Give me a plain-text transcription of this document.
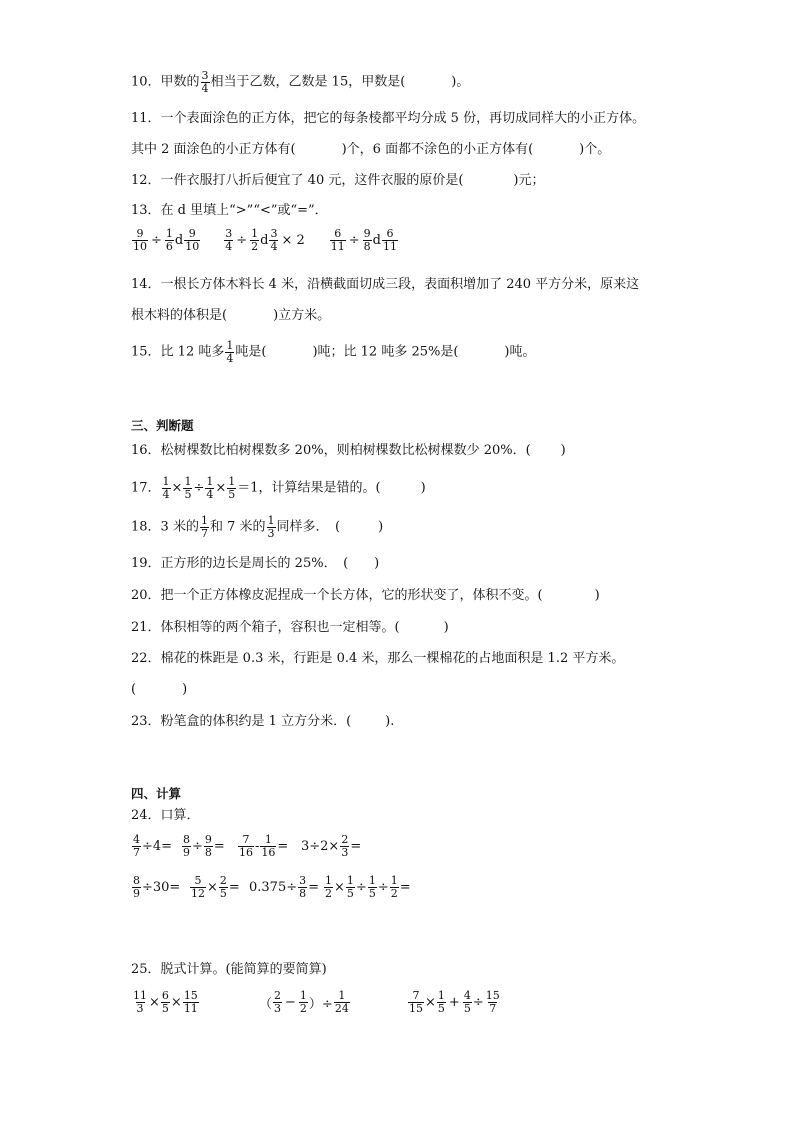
10．甲数的 $\frac{3}{4}$ 相当于乙数，乙数是 15，甲数是(	)。
11．一个表面涂色的正方体，把它的每条棱都平均分成 5 份，再切成同样大的小正方体。
其中 2 面涂色的小正方体有(	)个，6 面都不涂色的小正方体有(	)个。
12．一件衣服打八折后便宜了 40 元，这件衣服的原价是(	)元；
13．在 d 里填上“>”“<”或“=”．
$\frac{9}{10} \div \frac{1}{6}$ d $\frac{9}{10} \frac{3}{4} \div \frac{1}{2}$ d $\frac{3}{4} \times 2 \frac{6}{11} \div \frac{9}{8}$ d $\frac{6}{11}$
14．一根长方体木料长 4 米，沿横截面切成三段，表面积增加了 240 平方分米，原来这
根木料的体积是(	)立方米。
15．比 12 吨多 $\frac{1}{4}$ 吨是(	)吨；比 12 吨多 25%是(	)吨。
三、判断题
16．松树棵数比柏树棵数多 20%，则柏树棵数比松树棵数少 20%．( )
17． $\frac{1}{4} \times \frac{1}{5} \div \frac{1}{4} \times \frac{1}{5} =1$，计算结果是错的。(	)
18．3 米的 $\frac{1}{7}$ 和 7 米的 $\frac{1}{3}$ 同样多．　(	)
19．正方形的边长是周长的 25%．　( )
20．把一个正方体橡皮泥捏成一个长方体，它的形状变了，体积不变。(	)
21．体积相等的两个箱子，容积也一定相等。(	)
22．棉花的株距是 0.3 米，行距是 0.4 米，那么一棵棉花的占地面积是 1.2 平方米。
(	)
23．粉笔盒的体积约是 1 立方分米．(	).
四、计算
24．口算．
$\frac{4}{7} \div 4= \frac{8}{9} \div \frac{9}{8} = \frac{7}{16} - \frac{1}{16} = 3\div 2\times \frac{2}{3}$ =
$\frac{8}{9} \div 30= \frac{5}{12} \times \frac{2}{5} = 0.375\div \frac{3}{8} = \frac{1}{2} \times \frac{1}{5} \div \frac{1}{5} \div \frac{1}{2}$ =
25．脱式计算。(能简算的要简算)
$\frac{11}{3} \times \frac{6}{5} \times \frac{15}{11}$	（ $\frac{2}{3} - \frac{1}{2}$ ）÷ $\frac{1}{24}$	$\frac{7}{15} \times \frac{1}{5} + \frac{4}{5} \div \frac{15}{7}$
